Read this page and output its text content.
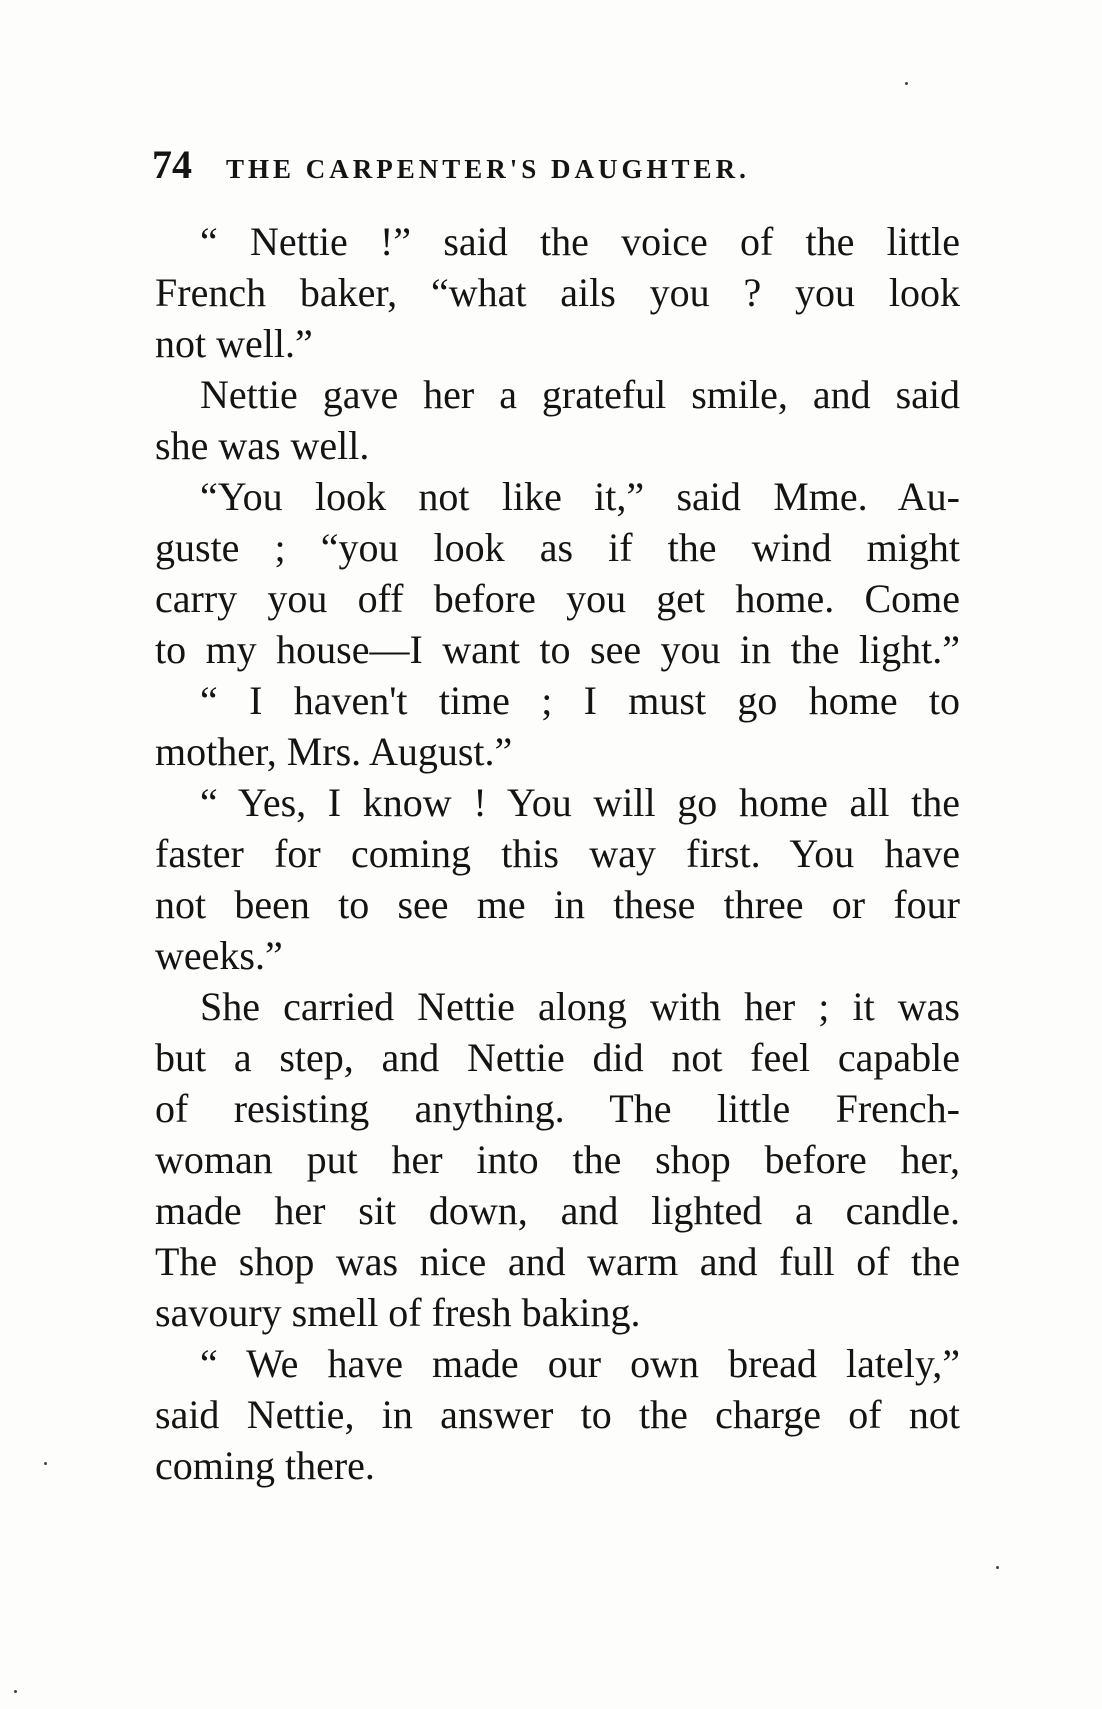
74 THE CARPENTER'S DAUGHTER.
“ Nettie !” said the voice of the little
French baker, “what ails you ? you look
not well.”
Nettie gave her a grateful smile, and said
she was well.
“You look not like it,” said Mme. Au-
guste ; “you look as if the wind might
carry you off before you get home. Come
to my house—I want to see you in the light.”
“ I haven't time ; I must go home to
mother, Mrs. August.”
“ Yes, I know ! You will go home all the
faster for coming this way first. You have
not been to see me in these three or four
weeks.”
She carried Nettie along with her ; it was
but a step, and Nettie did not feel capable
of resisting anything. The little French-
woman put her into the shop before her,
made her sit down, and lighted a candle.
The shop was nice and warm and full of the
savoury smell of fresh baking.
“ We have made our own bread lately,”
said Nettie, in answer to the charge of not
coming there.
